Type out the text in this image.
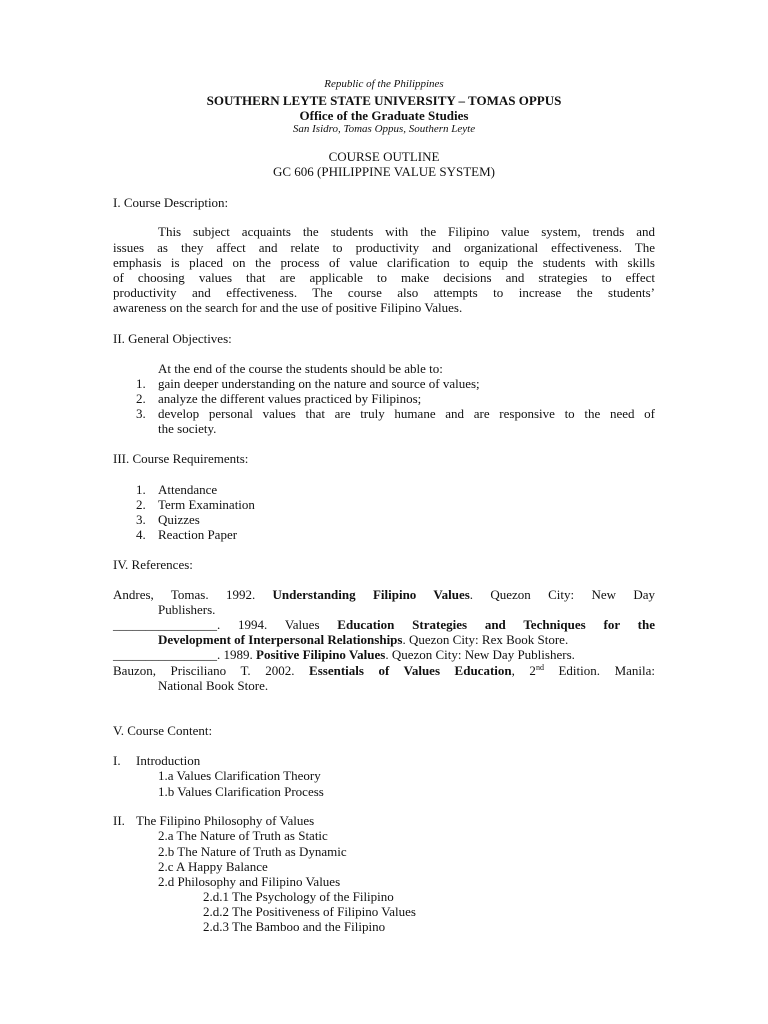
Republic of the Philippines
SOUTHERN LEYTE STATE UNIVERSITY – TOMAS OPPUS
Office of the Graduate Studies
San Isidro, Tomas Oppus, Southern Leyte
COURSE OUTLINE
GC 606 (PHILIPPINE VALUE SYSTEM)
I. Course Description:
This subject acquaints the students with the Filipino value system, trends and
issues as they affect and relate to productivity and organizational effectiveness. The
emphasis is placed on the process of value clarification to equip the students with skills
of choosing values that are applicable to make decisions and strategies to effect
productivity and effectiveness. The course also attempts to increase the students’
awareness on the search for and the use of positive Filipino Values.
II. General Objectives:
At the end of the course the students should be able to:
1. gain deeper understanding on the nature and source of values;
2. analyze the different values practiced by Filipinos;
3. develop personal values that are truly humane and are responsive to the need of
the society.
III. Course Requirements:
1. Attendance
2. Term Examination
3. Quizzes
4. Reaction Paper
IV. References:
Andres, Tomas. 1992. Understanding Filipino Values. Quezon City: New Day
Publishers.
________________. 1994. Values Education Strategies and Techniques for the
Development of Interpersonal Relationships. Quezon City: Rex Book Store.
________________. 1989. Positive Filipino Values. Quezon City: New Day Publishers.
Bauzon, Prisciliano T. 2002. Essentials of Values Education, 2nd Edition. Manila:
National Book Store.
V. Course Content:
I. Introduction
1.a Values Clarification Theory
1.b Values Clarification Process
II. The Filipino Philosophy of Values
2.a The Nature of Truth as Static
2.b The Nature of Truth as Dynamic
2.c A Happy Balance
2.d Philosophy and Filipino Values
2.d.1 The Psychology of the Filipino
2.d.2 The Positiveness of Filipino Values
2.d.3 The Bamboo and the Filipino
